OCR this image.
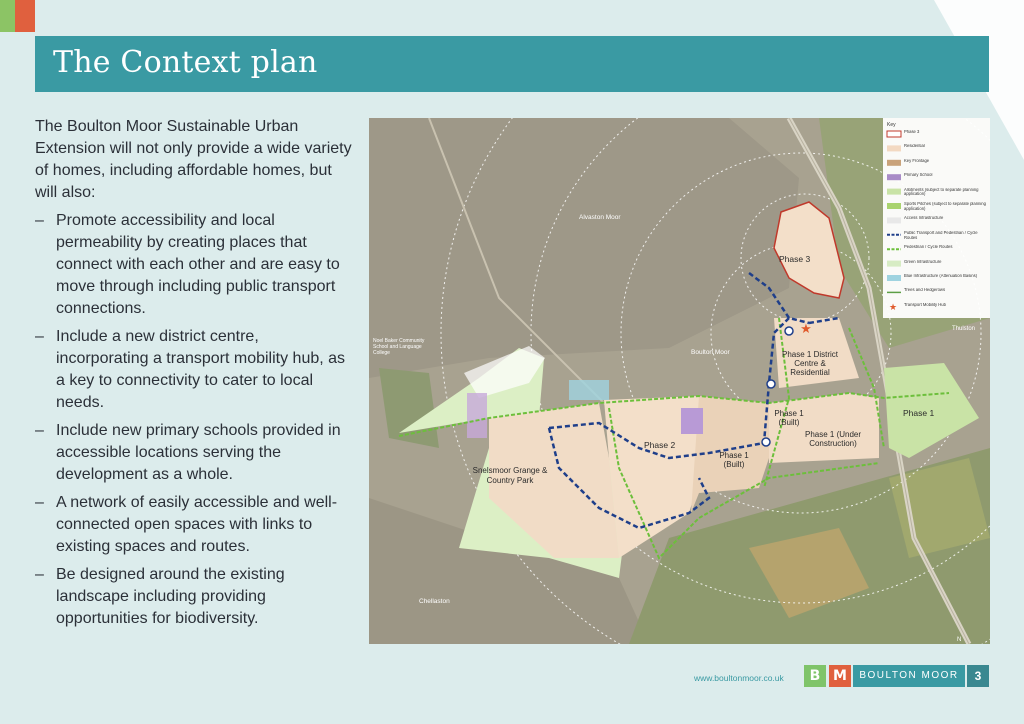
The Context plan

The Boulton Moor Sustainable Urban Extension will not only provide a wide variety of homes, including affordable homes, but will also:

– Promote accessibility and local permeability by creating places that connect with each other and are easy to move through including public transport connections.
– Include a new district centre, incorporating a transport mobility hub, as a key to connectivity to cater to local needs.
– Include new primary schools provided in accessible locations serving the development as a whole.
– A network of easily accessible and well-connected open spaces with links to existing spaces and routes.
– Be designed around the existing landscape including providing opportunities for biodiversity.
★
Alvaston Moor
Boulton Moor
Thulston
Chellaston
Noel Baker Community School and Language College
N
Phase 3
Phase 1 District Centre & Residential
Phase 1
Phase 1 (Built)
Phase 1 (Under Construction)
Phase 1 (Built)
Phase 2
Snelsmoor Grange & Country Park
Key
Phase 3
Residential
Key Frontage
Primary School
Allotments (subject to separate planning application)
Sports Pitches (subject to separate planning application)
Access Infrastructure
Public Transport and Pedestrian / Cycle Routes
Pedestrian / Cycle Routes
Green Infrastructure
Blue Infrastructure (Attenuation Basins)
Trees and Hedgerows
★ Transport Mobility Hub
www.boultonmoor.co.uk	B M	BOULTON MOOR	3
